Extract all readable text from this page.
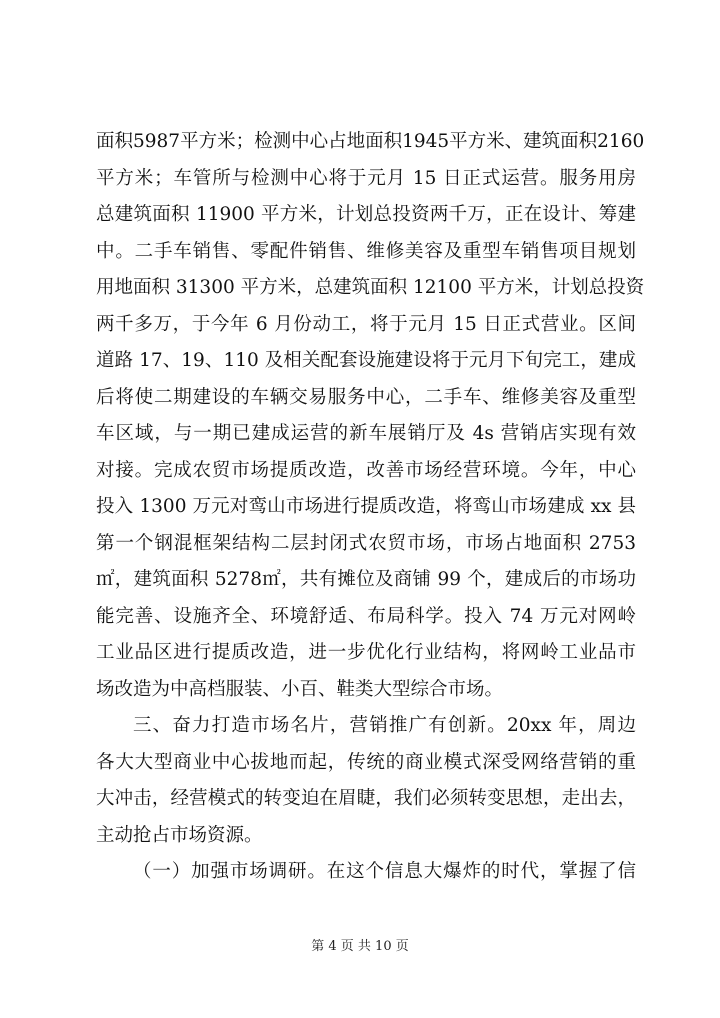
面积5987平方米；检测中心占地面积1945平方米、建筑面积2160
平方米；车管所与检测中心将于元月 15 日正式运营。服务用房
总建筑面积 11900 平方米，计划总投资两千万，正在设计、筹建
中。二手车销售、零配件销售、维修美容及重型车销售项目规划
用地面积 31300 平方米，总建筑面积 12100 平方米，计划总投资
两千多万，于今年 6 月份动工，将于元月 15 日正式营业。区间
道路 17、19、110 及相关配套设施建设将于元月下旬完工，建成
后将使二期建设的车辆交易服务中心，二手车、维修美容及重型
车区域，与一期已建成运营的新车展销厅及 4s 营销店实现有效
对接。完成农贸市场提质改造，改善市场经营环境。今年，中心
投入 1300 万元对鸾山市场进行提质改造，将鸾山市场建成 xx 县
第一个钢混框架结构二层封闭式农贸市场，市场占地面积 2753
㎡，建筑面积 5278㎡，共有摊位及商铺 99 个，建成后的市场功
能完善、设施齐全、环境舒适、布局科学。投入 74 万元对网岭
工业品区进行提质改造，进一步优化行业结构，将网岭工业品市
场改造为中高档服装、小百、鞋类大型综合市场。
三、奋力打造市场名片，营销推广有创新。20xx 年，周边
各大大型商业中心拔地而起，传统的商业模式深受网络营销的重
大冲击，经营模式的转变迫在眉睫，我们必须转变思想，走出去，
主动抢占市场资源。
（一）加强市场调研。在这个信息大爆炸的时代，掌握了信
第 4 页 共 10 页
